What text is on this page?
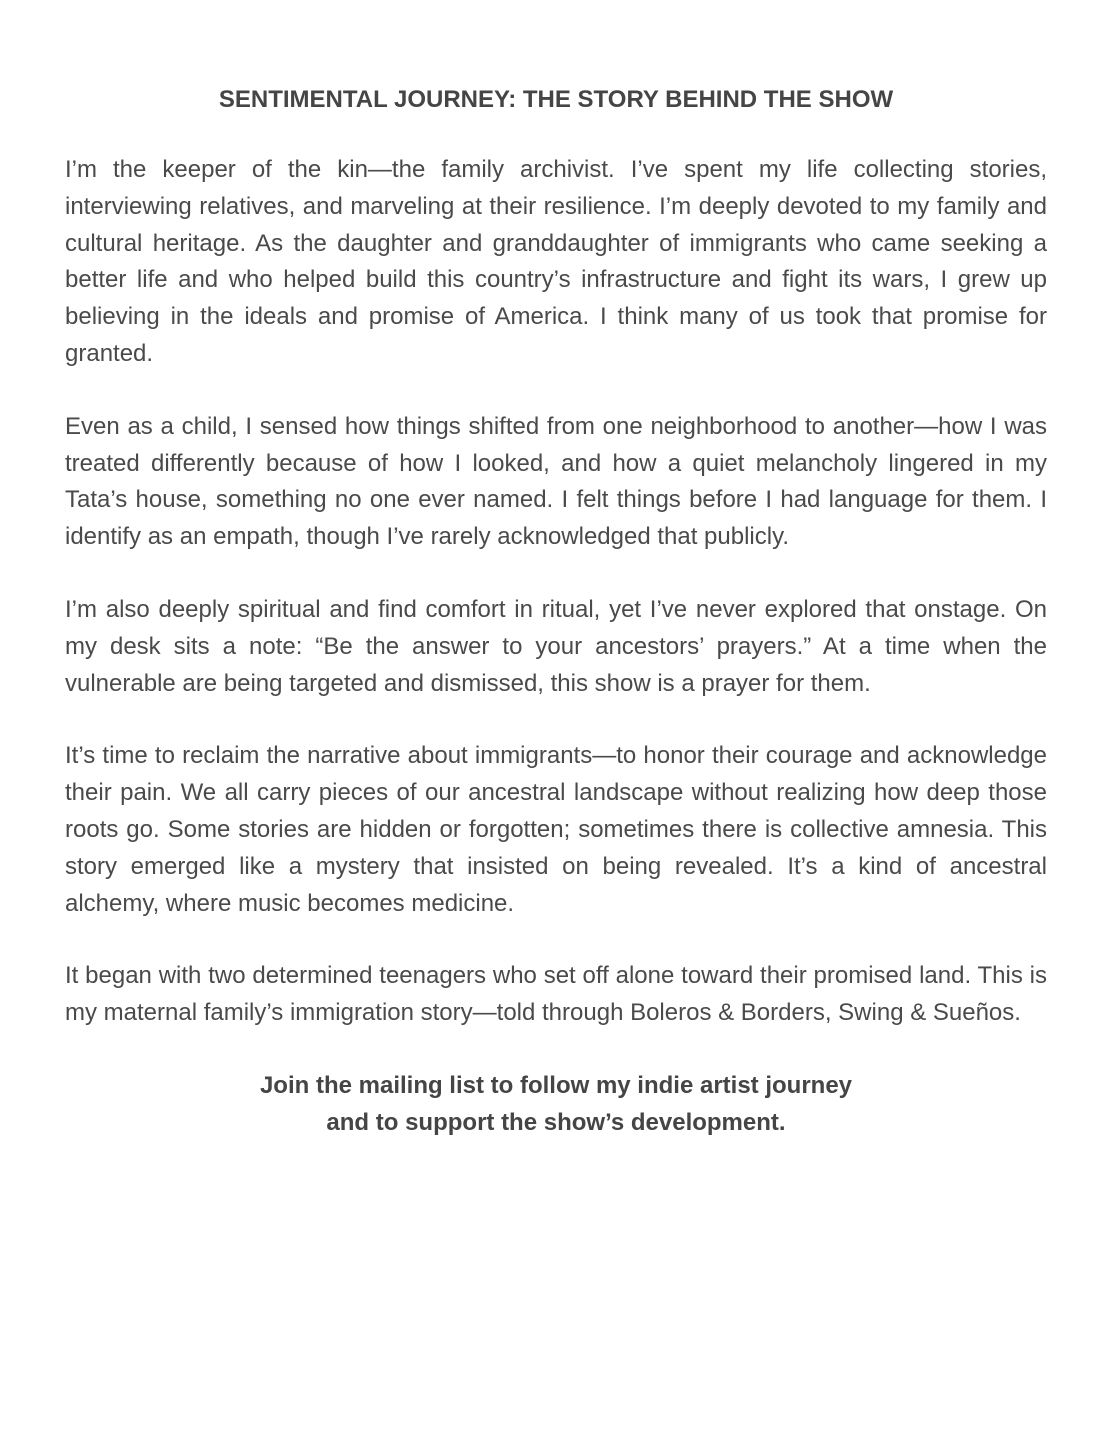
SENTIMENTAL JOURNEY: THE STORY BEHIND THE SHOW

I’m the keeper of the kin—the family archivist. I’ve spent my life collecting stories, interviewing relatives, and marveling at their resilience. I’m deeply devoted to my family and cultural heritage. As the daughter and granddaughter of immigrants who came seeking a better life and who helped build this country’s infrastructure and fight its wars, I grew up believing in the ideals and promise of America. I think many of us took that promise for granted.

Even as a child, I sensed how things shifted from one neighborhood to another—how I was treated differently because of how I looked, and how a quiet melancholy lingered in my Tata’s house, something no one ever named. I felt things before I had language for them. I identify as an empath, though I’ve rarely acknowledged that publicly.

I’m also deeply spiritual and find comfort in ritual, yet I’ve never explored that onstage. On my desk sits a note: “Be the answer to your ancestors’ prayers.” At a time when the vulnerable are being targeted and dismissed, this show is a prayer for them.

It’s time to reclaim the narrative about immigrants—to honor their courage and acknowledge their pain. We all carry pieces of our ancestral landscape without realizing how deep those roots go. Some stories are hidden or forgotten; sometimes there is collective amnesia. This story emerged like a mystery that insisted on being revealed. It’s a kind of ancestral alchemy, where music becomes medicine.

It began with two determined teenagers who set off alone toward their promised land. This is my maternal family’s immigration story—told through Boleros & Borders, Swing & Sueños.

Join the mailing list to follow my indie artist journey
and to support the show’s development.
